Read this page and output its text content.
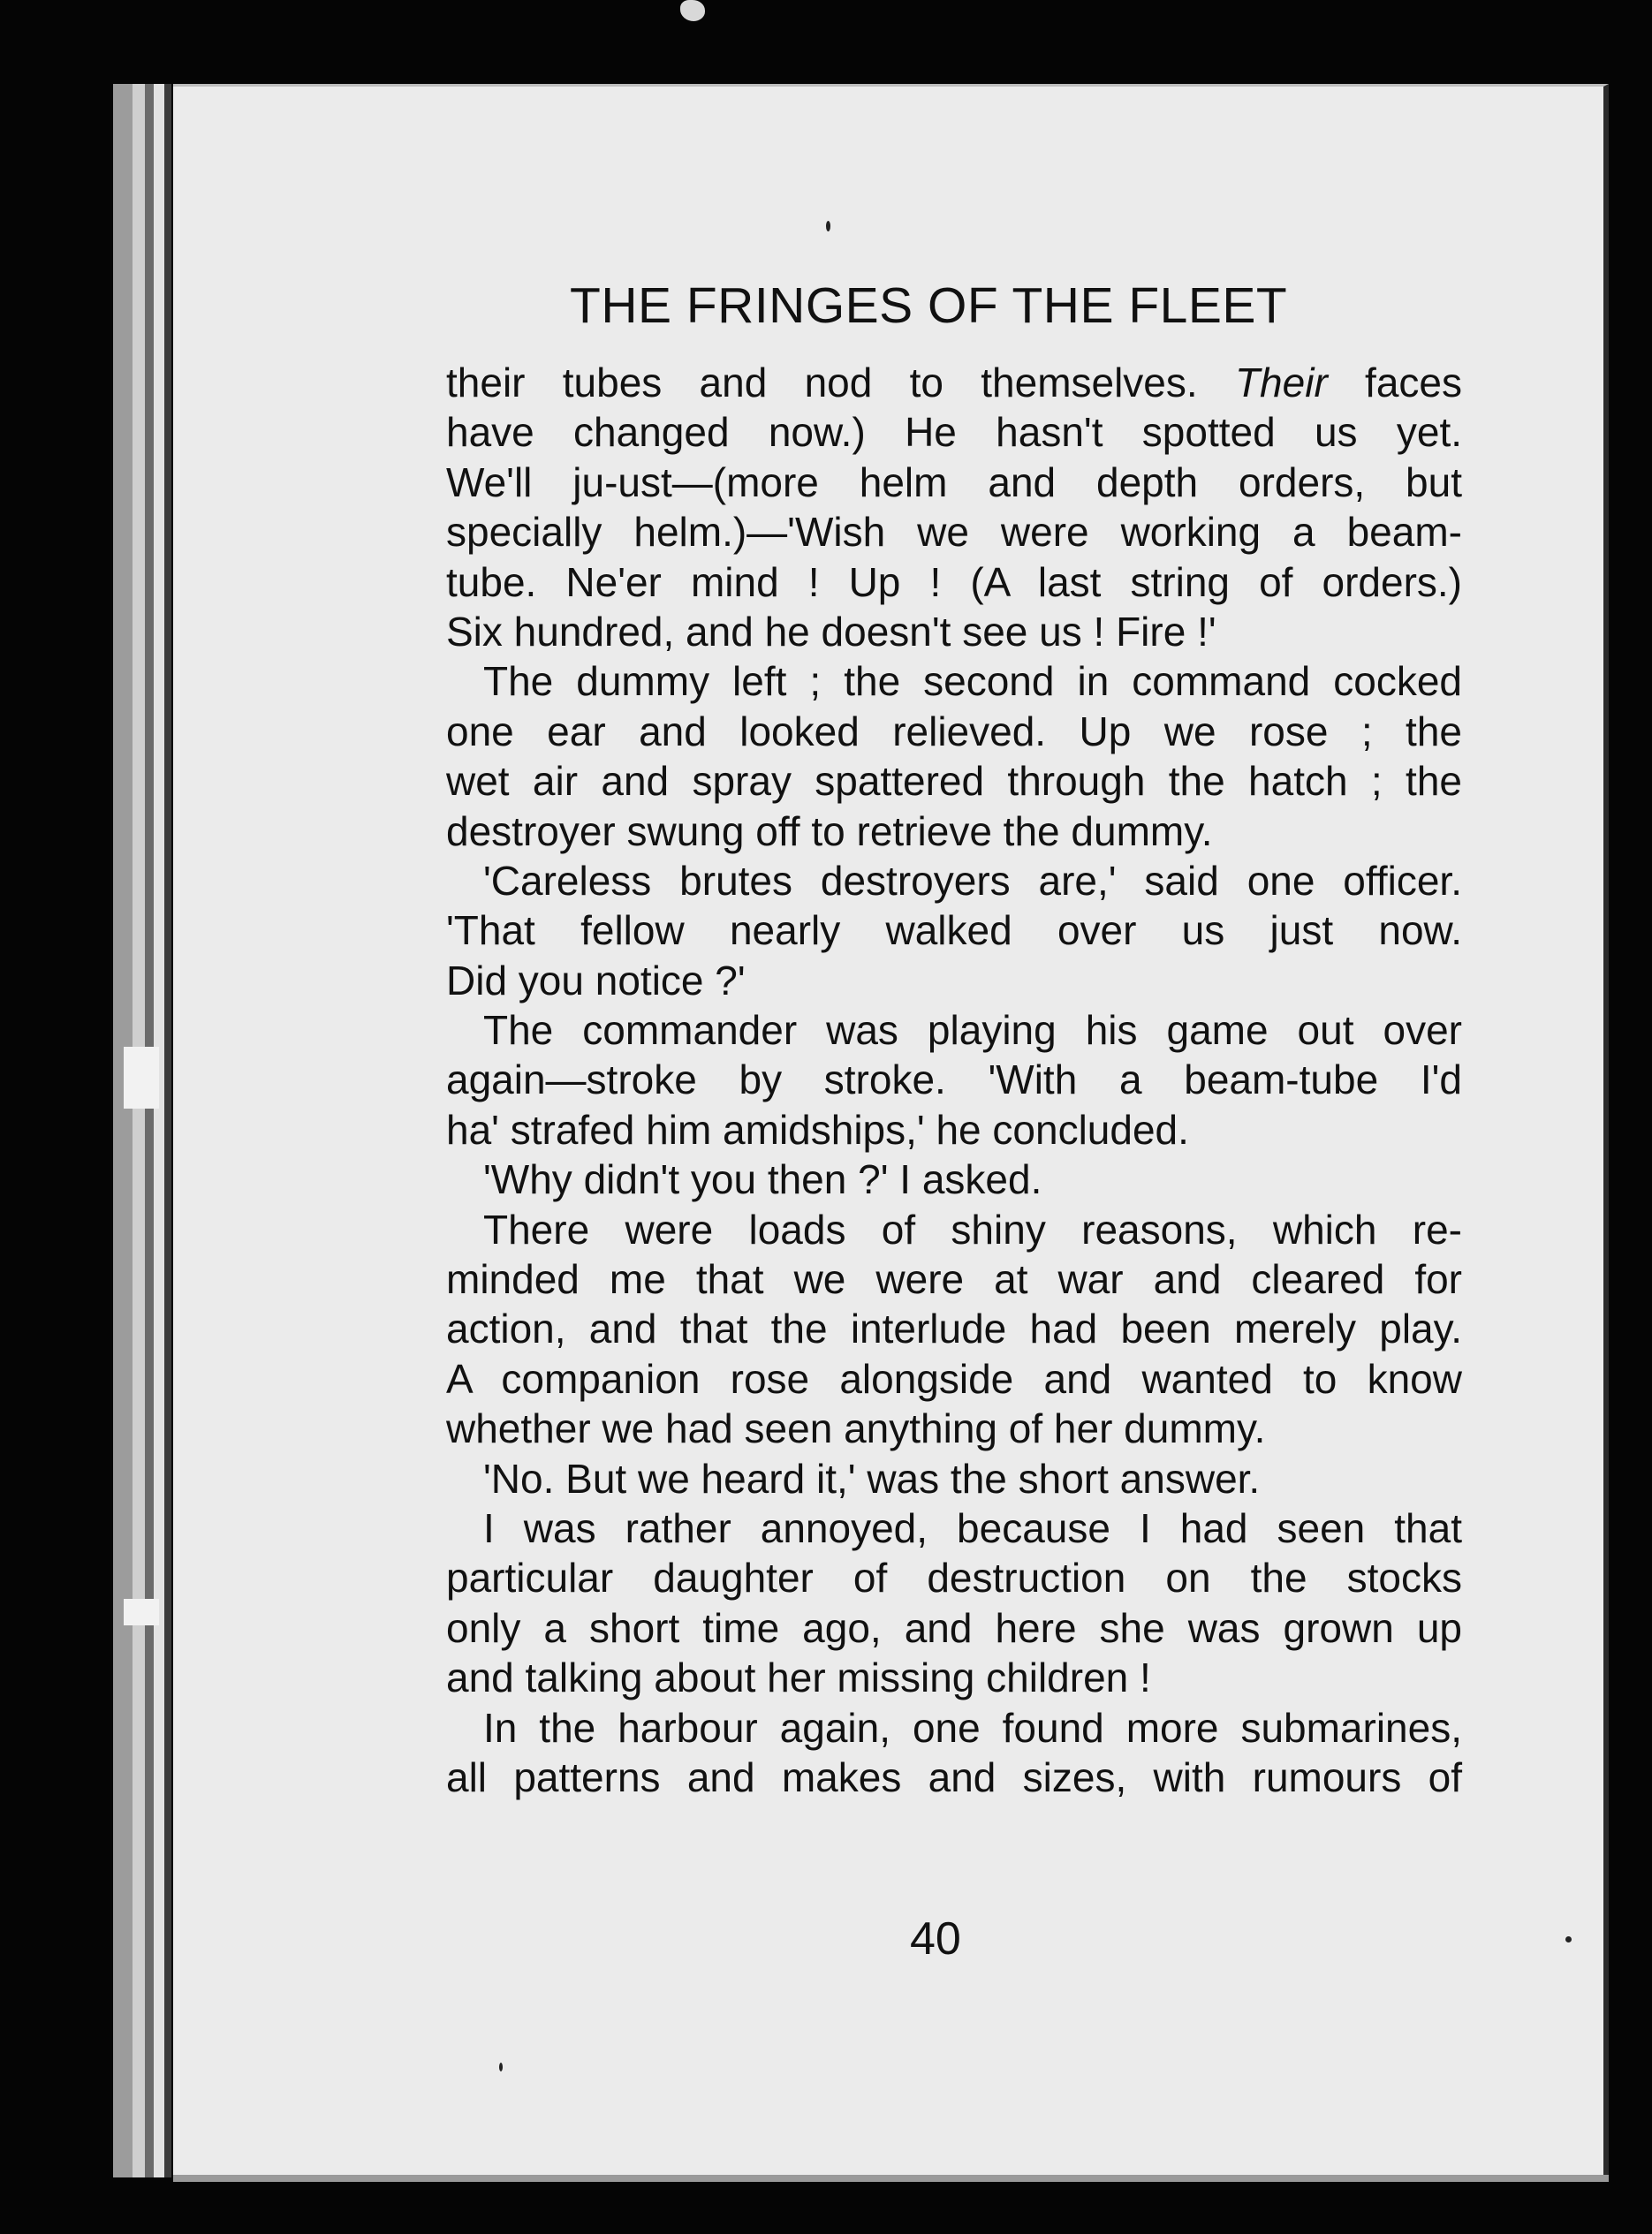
THE FRINGES OF THE FLEET

their tubes and nod to themselves. Their faces

have changed now.) He hasn't spotted us yet.

We'll ju-ust—(more helm and depth orders, but

specially helm.)—'Wish we were working a beam-

tube. Ne'er mind ! Up ! (A last string of orders.)

Six hundred, and he doesn't see us ! Fire !'

The dummy left ; the second in command cocked

one ear and looked relieved. Up we rose ; the

wet air and spray spattered through the hatch ; the

destroyer swung off to retrieve the dummy.

'Careless brutes destroyers are,' said one officer.

'That fellow nearly walked over us just now.

Did you notice ?'

The commander was playing his game out over

again—stroke by stroke. 'With a beam-tube I'd

ha' strafed him amidships,' he concluded.

'Why didn't you then ?' I asked.

There were loads of shiny reasons, which re-

minded me that we were at war and cleared for

action, and that the interlude had been merely play.

A companion rose alongside and wanted to know

whether we had seen anything of her dummy.

'No. But we heard it,' was the short answer.

I was rather annoyed, because I had seen that

particular daughter of destruction on the stocks

only a short time ago, and here she was grown up

and talking about her missing children !

In the harbour again, one found more submarines,

all patterns and makes and sizes, with rumours of

40
